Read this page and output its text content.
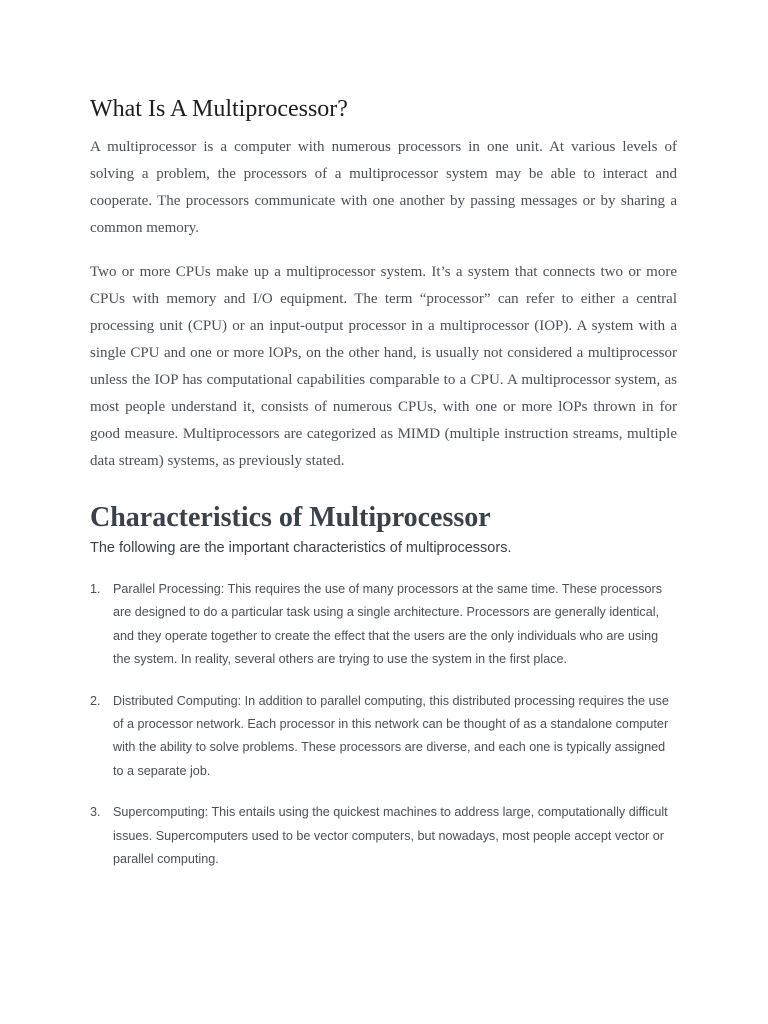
What Is A Multiprocessor?

A multiprocessor is a computer with numerous processors in one unit. At various levels of solving a problem, the processors of a multiprocessor system may be able to interact and cooperate. The processors communicate with one another by passing messages or by sharing a common memory.

Two or more CPUs make up a multiprocessor system. It’s a system that connects two or more CPUs with memory and I/O equipment. The term “processor” can refer to either a central processing unit (CPU) or an input-output processor in a multiprocessor (IOP). A system with a single CPU and one or more lOPs, on the other hand, is usually not considered a multiprocessor unless the IOP has computational capabilities comparable to a CPU. A multiprocessor system, as most people understand it, consists of numerous CPUs, with one or more lOPs thrown in for good measure. Multiprocessors are categorized as MIMD (multiple instruction streams, multiple data stream) systems, as previously stated.

Characteristics of Multiprocessor

The following are the important characteristics of multiprocessors.

1. Parallel Processing: This requires the use of many processors at the same time. These processors are designed to do a particular task using a single architecture. Processors are generally identical, and they operate together to create the effect that the users are the only individuals who are using the system. In reality, several others are trying to use the system in the first place.
2. Distributed Computing: In addition to parallel computing, this distributed processing requires the use of a processor network. Each processor in this network can be thought of as a standalone computer with the ability to solve problems. These processors are diverse, and each one is typically assigned to a separate job.
3. Supercomputing: This entails using the quickest machines to address large, computationally difficult issues. Supercomputers used to be vector computers, but nowadays, most people accept vector or parallel computing.
